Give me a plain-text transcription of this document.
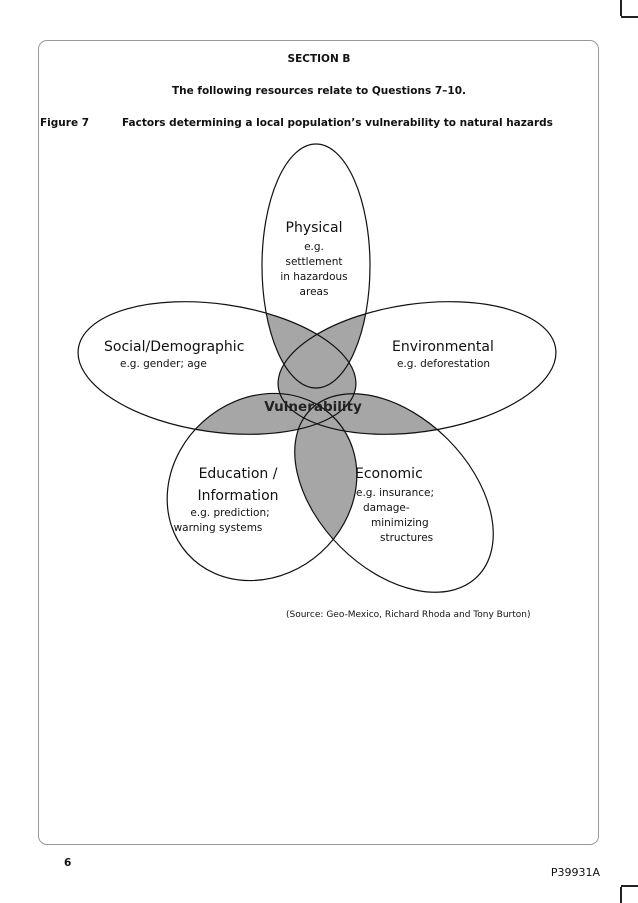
SECTION B
The following resources relate to Questions 7–10.
Figure 7	Factors determining a local population’s vulnerability to natural hazards
Vulnerability
Physical
e.g.
settlement
in hazardous
areas
Social/Demographic
e.g. gender; age
Environmental
e.g. deforestation
Education /
Information
e.g. prediction;
warning systems
Economic
e.g. insurance;
damage-
minimizing
structures
(Source: Geo-Mexico, Richard Rhoda and Tony Burton)
6
P39931A
